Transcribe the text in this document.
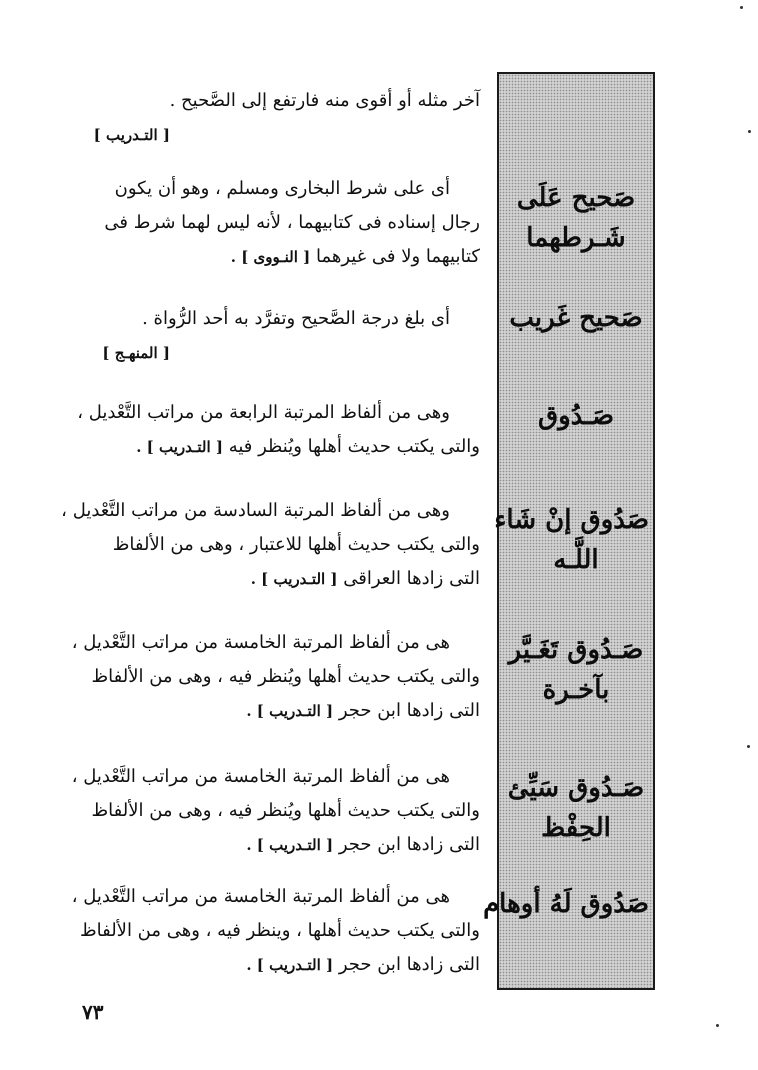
صَحيح عَلَى
شَـرطهما
صَحيح غَريب
صَـدُوق
صَدُوق إنْ شَاء
اللَّـه
صَـدُوق تَغَـيَّر
بآخـرة
صَـدُوق سَيِّئ
الحِفْظ
صَدُوق لَهُ أوهام
آخر مثله أو أقوى منه فارتفع إلى الصَّحيح .
[ التـدريب ]
أى على شرط البخارى ومسلم ، وهو أن يكون
رجال إسناده فى كتابيهما ، لأنه ليس لهما شرط فى
كتابيهما ولا فى غيرهما [ النـووى ] .
أى بلغ درجة الصَّحيح وتفرَّد به أحد الرُّواة .
[ المنهـج ]
وهى من ألفاظ المرتبة الرابعة من مراتب التَّعْديل ،
والتى يكتب حديث أهلها ويُنظر فيه [ التـدريب ] .
وهى من ألفاظ المرتبة السادسة من مراتب التَّعْديل ،
والتى يكتب حديث أهلها للاعتبار ، وهى من الألفاظ
التى زادها العراقى [ التـدريب ] .
هى من ألفاظ المرتبة الخامسة من مراتب التَّعْديل ،
والتى يكتب حديث أهلها ويُنظر فيه ، وهى من الألفاظ
التى زادها ابن حجر [ التـدريب ] .
هى من ألفاظ المرتبة الخامسة من مراتب التَّعْديل ،
والتى يكتب حديث أهلها ويُنظر فيه ، وهى من الألفاظ
التى زادها ابن حجر [ التـدريب ] .
هى من ألفاظ المرتبة الخامسة من مراتب التَّعْديل ،
والتى يكتب حديث أهلها ، وينظر فيه ، وهى من الألفاظ
التى زادها ابن حجر [ التـدريب ] .
٧٣
